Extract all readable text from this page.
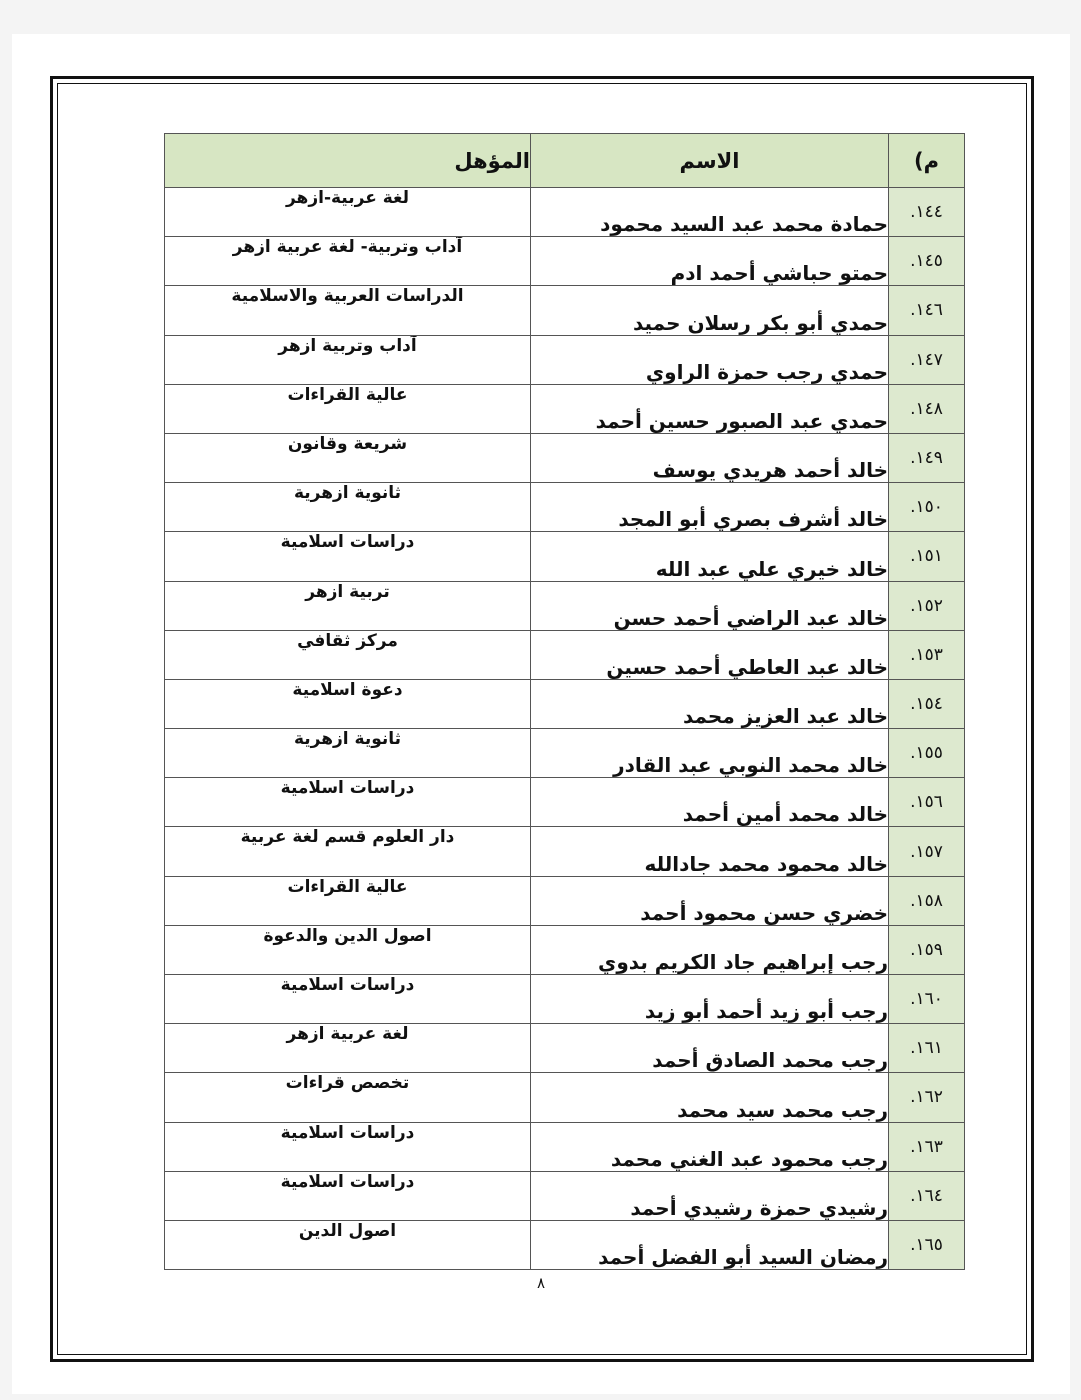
م)	الاسم	المؤهل
١٤٤.	حمادة محمد عبد السيد محمود	لغة عربية-ازهر
١٤٥.	حمتو حباشي أحمد ادم	آداب وتربية- لغة عربية ازهر
١٤٦.	حمدي أبو بكر رسلان حميد	الدراسات العربية والاسلامية
١٤٧.	حمدي رجب حمزة الراوي	آداب وتربية ازهر
١٤٨.	حمدي عبد الصبور حسين أحمد	عالية القراءات
١٤٩.	خالد أحمد هريدي يوسف	شريعة وقانون
١٥٠.	خالد أشرف بصري أبو المجد	ثانوية ازهرية
١٥١.	خالد خيري علي عبد الله	دراسات اسلامية
١٥٢.	خالد عبد الراضي أحمد حسن	تربية ازهر
١٥٣.	خالد عبد العاطي أحمد حسين	مركز ثقافي
١٥٤.	خالد عبد العزيز محمد	دعوة اسلامية
١٥٥.	خالد محمد النوبي عبد القادر	ثانوية ازهرية
١٥٦.	خالد محمد أمين أحمد	دراسات اسلامية
١٥٧.	خالد محمود محمد جادالله	دار العلوم قسم لغة عربية
١٥٨.	خضري حسن محمود أحمد	عالية القراءات
١٥٩.	رجب إبراهيم جاد الكريم بدوي	اصول الدين والدعوة
١٦٠.	رجب أبو زيد أحمد أبو زيد	دراسات اسلامية
١٦١.	رجب محمد الصادق أحمد	لغة عربية ازهر
١٦٢.	رجب محمد سيد محمد	تخصص قراءات
١٦٣.	رجب محمود عبد الغني محمد	دراسات اسلامية
١٦٤.	رشيدي حمزة رشيدي أحمد	دراسات اسلامية
١٦٥.	رمضان السيد أبو الفضل أحمد	اصول الدين
٨
